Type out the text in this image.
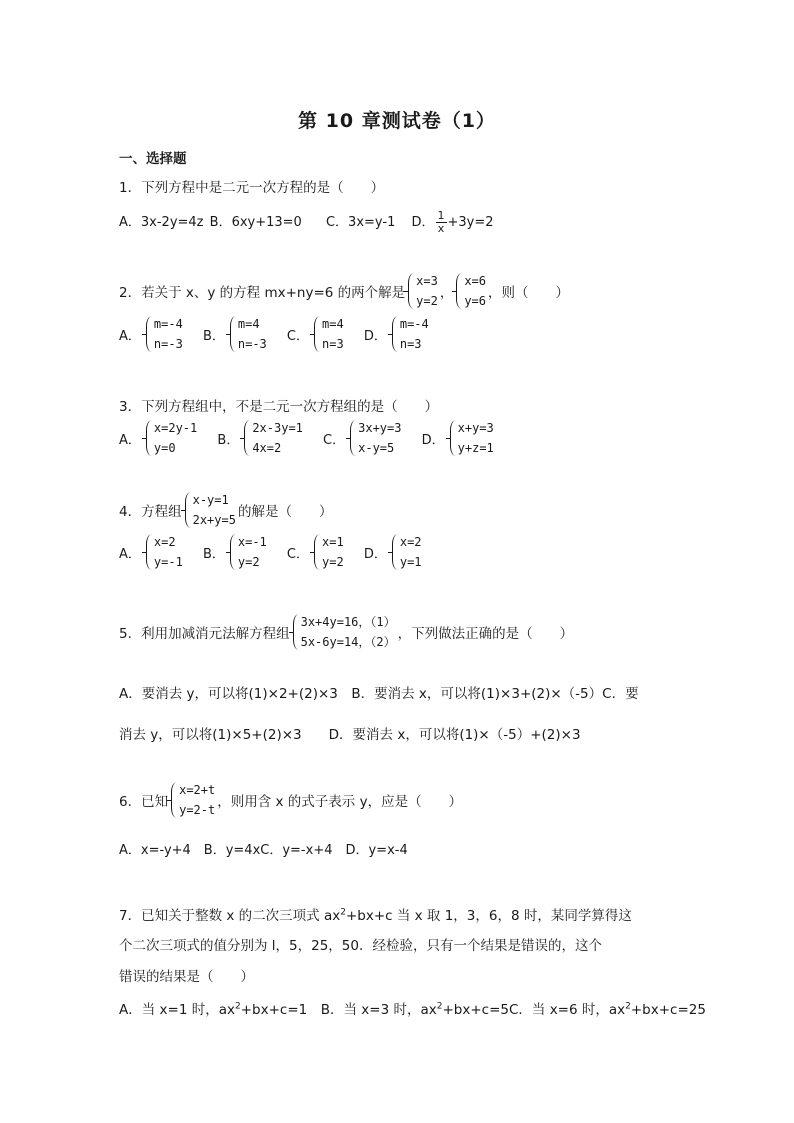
第 10 章测试卷（1）
一、选择题
1．下列方程中是二元一次方程的是（　　）
A．3x-2y=4z B．6xy+13=0 C．3x=y-1 D． $\frac{1}{x} +3y=2$
2．若关于 x、y 的方程 mx+ny=6 的两个解是
x=3
y=2 ，
x=6
y=6 ，则（　　）
A．
m=-4
n=-3
B．
m=4
n=-3
C．
m=4
n=3
D．
m=-4
n=3
3．下列方程组中，不是二元一次方程组的是（　　）
A．
x=2y-1
y=0
B．
2x-3y=1
4x=2
C．
3x+y=3
x-y=5
D．
x+y=3
y+z=1
4．方程组
x-y=1
2x+y=5 的解是（　　）
A．
x=2
y=-1
B．
x=-1
y=2
C．
x=1
y=2
D．
x=2
y=1
5．利用加减消元法解方程组
3x+4y=16，（1）
5x-6y=14，（2） ，下列做法正确的是（　　）
A．要消去 y，可以将(1)×2+(2)×3　B．要消去 x，可以将(1)×3+(2)×（-5）C．要
消去 y，可以将(1)×5+(2)×3　　D．要消去 x，可以将(1)×（-5）+(2)×3
6．已知
x=2+t
y=2-t ，则用含 x 的式子表示 y，应是（　　）
A．x=-y+4　B．y=4xC．y=-x+4　D．y=x-4
7．已知关于整数 x 的二次三项式 $ax^2+bx+c$ 当 x 取 1，3，6，8 时，某同学算得这
个二次三项式的值分别为 l，5，25，50．经检验，只有一个结果是错误的，这个
错误的结果是（　　）
A．当 x=1 时，$ax^2+bx+c=1$　B．当 x=3 时，$ax^2+bx+c=5C$．当 x=6 时，$ax^2+bx+c=25$
